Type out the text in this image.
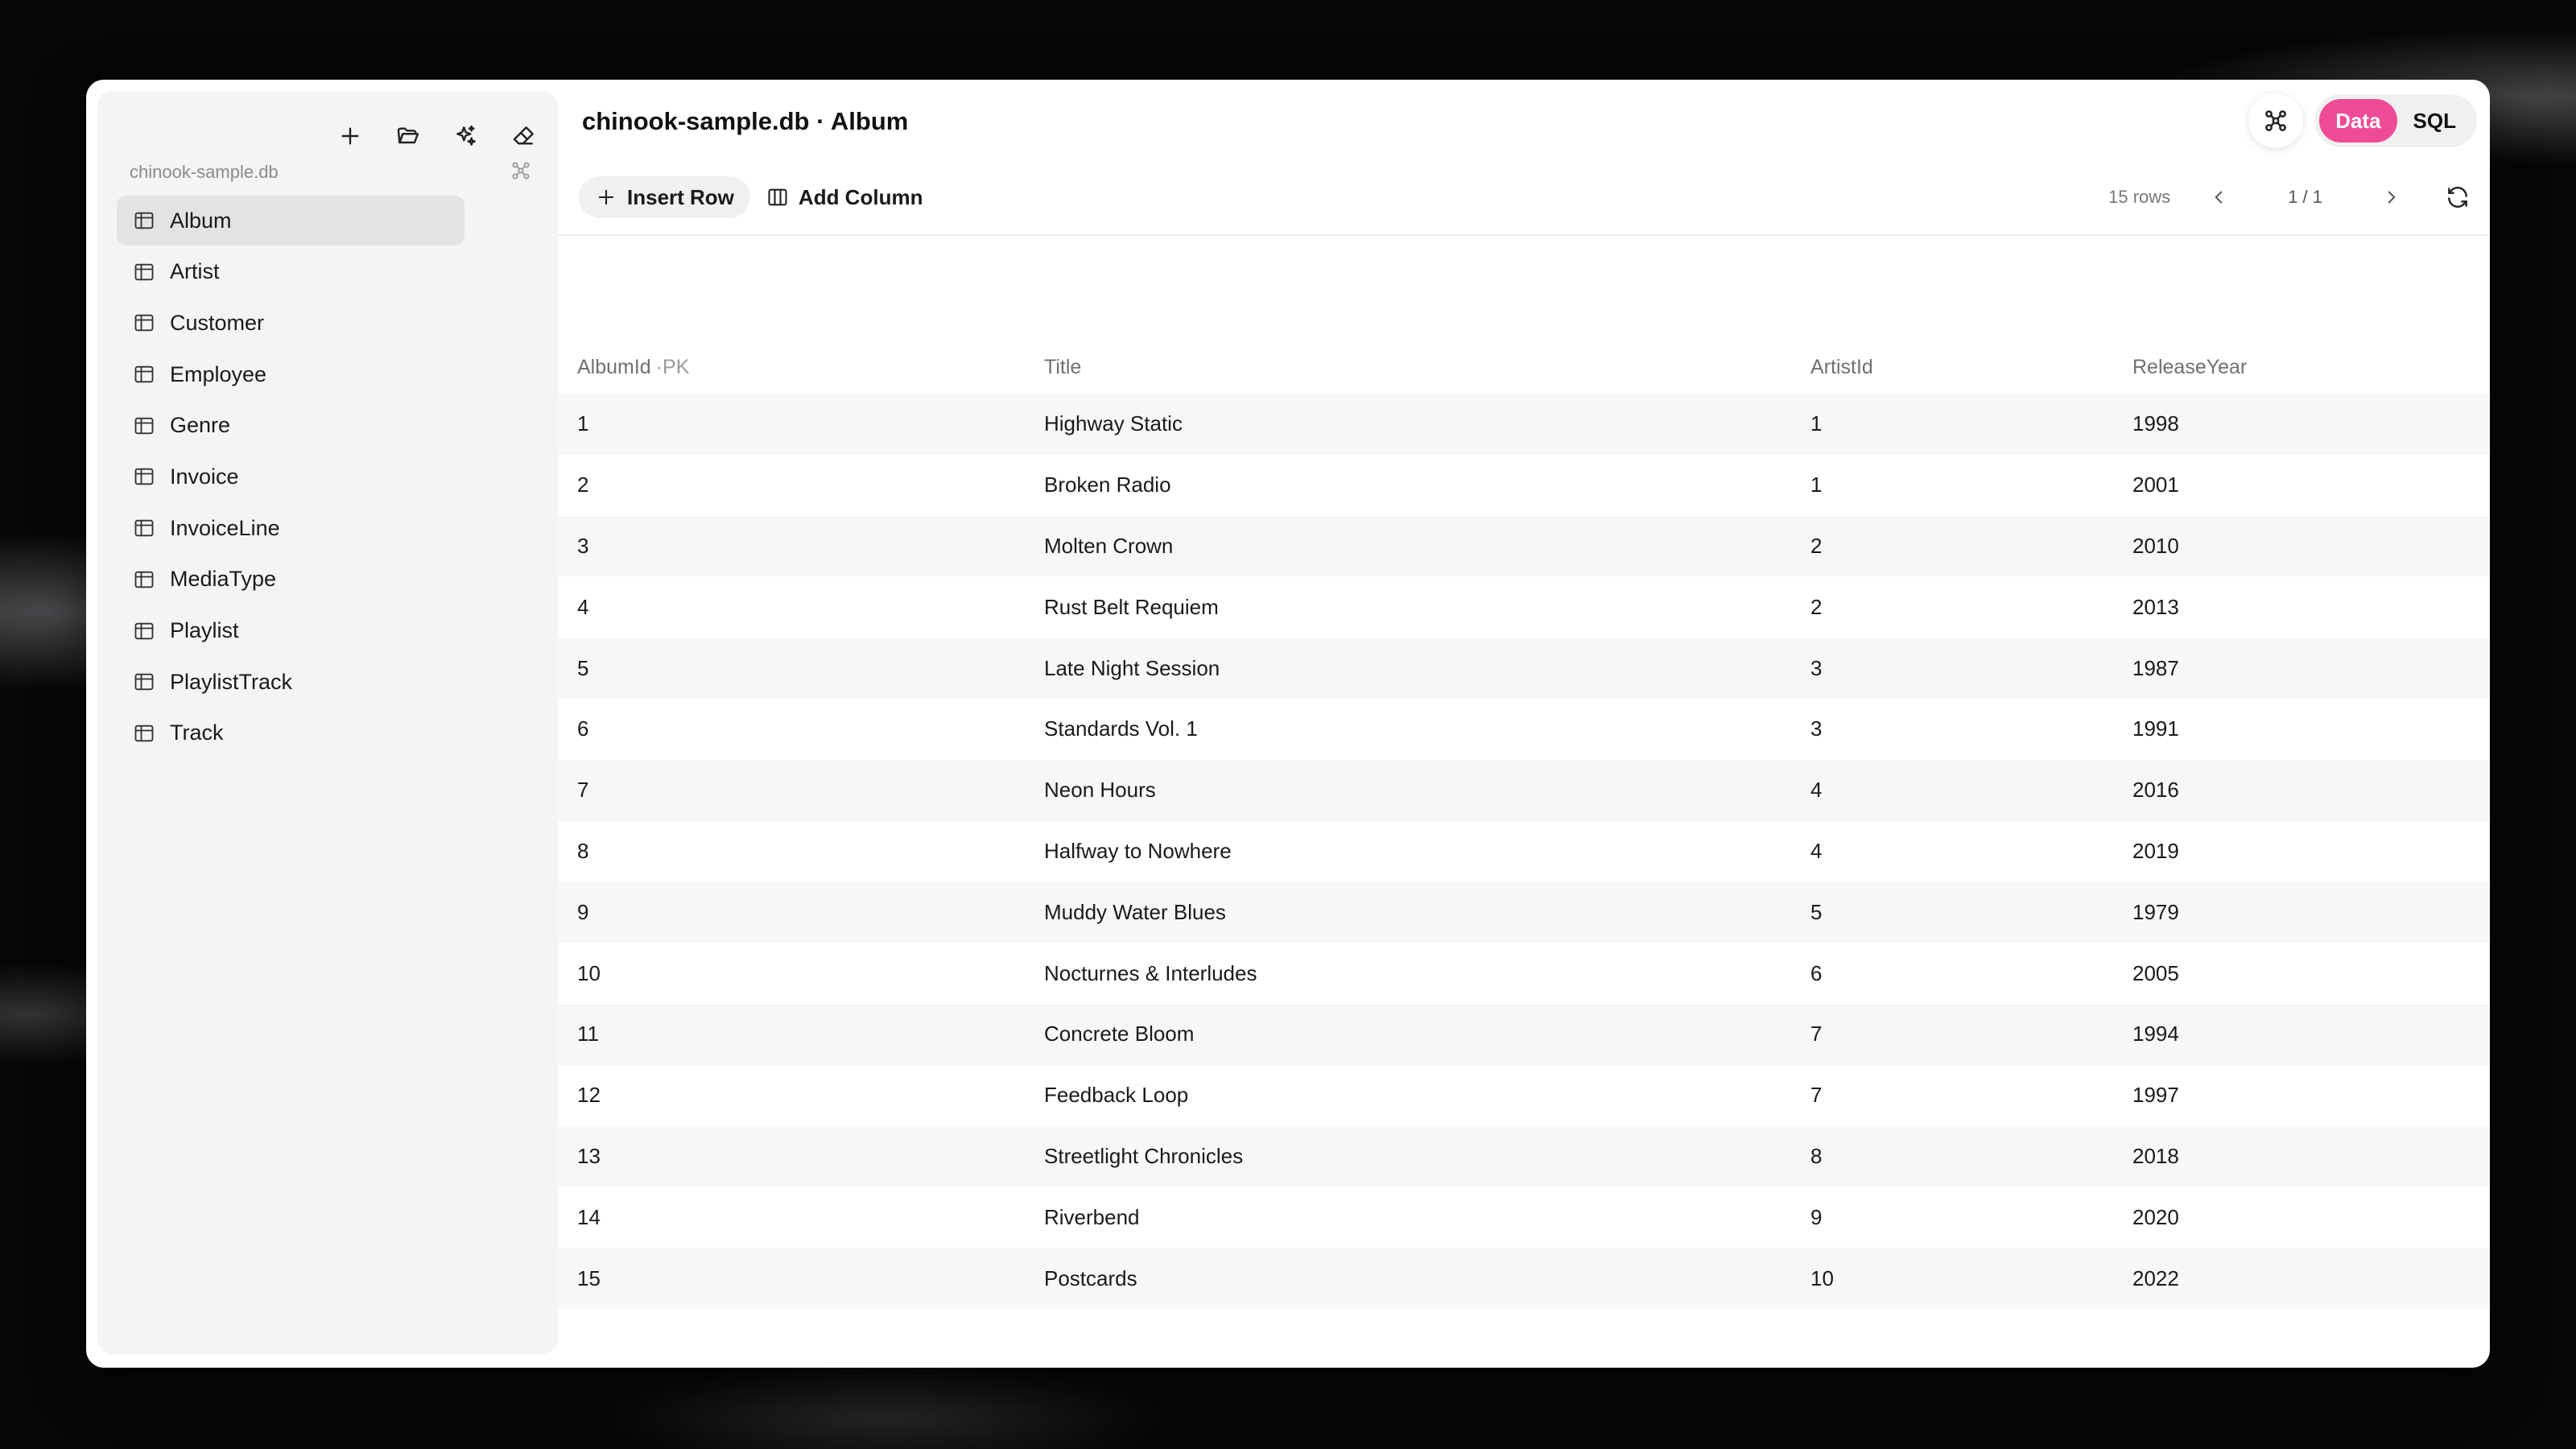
chinook-sample.db
Album
Artist
Customer
Employee
Genre
Invoice
InvoiceLine
MediaType
Playlist
PlaylistTrack
Track
chinook-sample.db · Album	Data	SQL
Insert Row	Add Column	15 rows	1 / 1
AlbumId ·PK	Title	ArtistId	ReleaseYear
1	Highway Static	1	1998
2	Broken Radio	1	2001
3	Molten Crown	2	2010
4	Rust Belt Requiem	2	2013
5	Late Night Session	3	1987
6	Standards Vol. 1	3	1991
7	Neon Hours	4	2016
8	Halfway to Nowhere	4	2019
9	Muddy Water Blues	5	1979
10	Nocturnes & Interludes	6	2005
11	Concrete Bloom	7	1994
12	Feedback Loop	7	1997
13	Streetlight Chronicles	8	2018
14	Riverbend	9	2020
15	Postcards	10	2022
